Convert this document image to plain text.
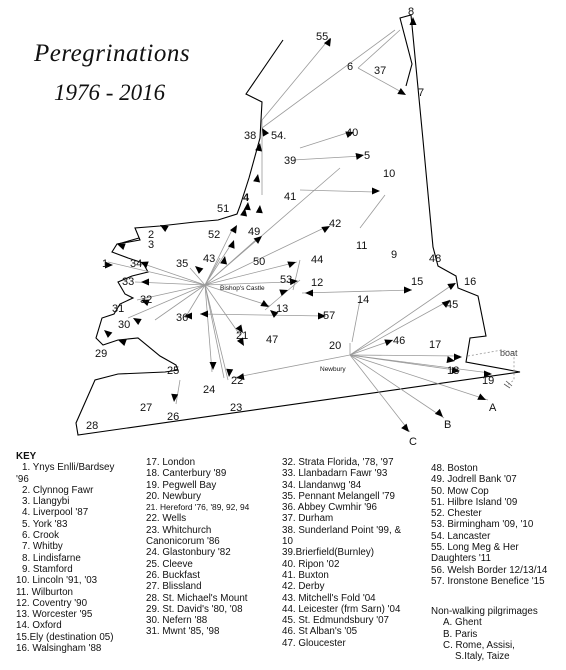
1
2
3
4
5
6
7
8
9
10
11
12
13
14
15	16
17
18
19
20
21
22
23
24
25
26
27
28
29
30
31
32
33
34	35
36
37
38
39
40
41
42
43	44
45
46
47
48
49
50
51
52
53
54.
55
57
A
B
C
Bishop's Castle
Newbury
boat
Peregrinations
1976 - 2016
KEY
1. Ynys Enlli/Bardsey
'96
2. Clynnog Fawr
3. Llangybi
4. Liverpool '87
5. York '83
6. Crook
7. Whitby
8. Lindisfarne
9. Stamford
10. Lincoln '91, '03
11. Wilburton
12. Coventry '90
13. Worcester '95
14. Oxford
15.Ely (destination 05)
16. Walsingham '88
17. London
18. Canterbury '89
19. Pegwell Bay
20. Newbury
21. Hereford '76, '89, 92, 94
22. Wells
23. Whitchurch
Canonicorum '86
24. Glastonbury '82
25. Cleeve
26. Buckfast
27. Blissland
28. St. Michael's Mount
29. St. David's '80, '08
30. Nefern '88
31. Mwnt '85, '98
32. Strata Florida, '78, '97
33. Llanbadarn Fawr '93
34. Llandanwg '84
35. Pennant Melangell '79
36. Abbey Cwmhir '96
37. Durham
38. Sunderland Point '99, &
10
39.Brierfield(Burnley)
40. Ripon '02
41. Buxton
42. Derby
43. Mitchell's Fold '04
44. Leicester (frm Sarn) '04
45. St. Edmundsbury '07
46. St Alban's '05
47. Gloucester
48. Boston
49. Jodrell Bank '07
50. Mow Cop
51. Hilbre Island '09
52. Chester
53. Birmingham '09, '10
54. Lancaster
55. Long Meg & Her
Daughters '11
56. Welsh Border 12/13/14
57. Ironstone Benefice '15
Non-walking pilgrimages
A. Ghent
B. Paris
C. Rome, Assisi,
S.Italy, Taize
